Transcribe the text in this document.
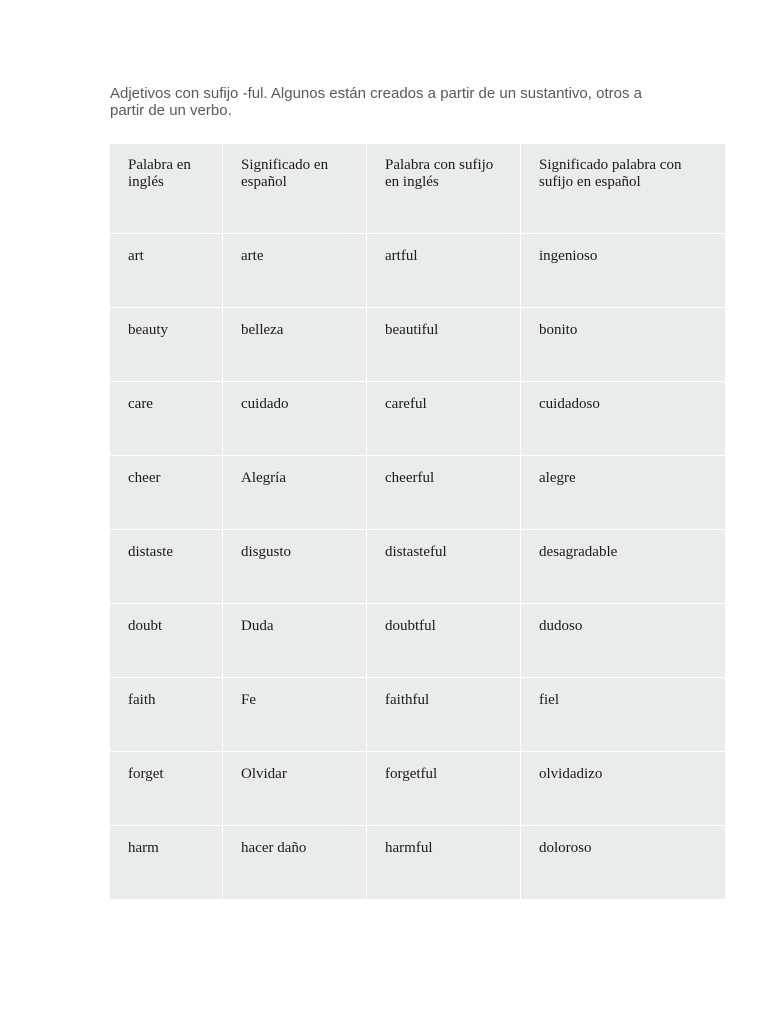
Adjetivos con sufijo -ful. Algunos están creados a partir de un sustantivo, otros a partir de un verbo.

Palabra en inglés	Significado en español	Palabra con sufijo en inglés	Significado palabra con sufijo en español
art	arte	artful	ingenioso
beauty	belleza	beautiful	bonito
care	cuidado	careful	cuidadoso
cheer	Alegría	cheerful	alegre
distaste	disgusto	distasteful	desagradable
doubt	Duda	doubtful	dudoso
faith	Fe	faithful	fiel
forget	Olvidar	forgetful	olvidadizo
harm	hacer daño	harmful	doloroso
